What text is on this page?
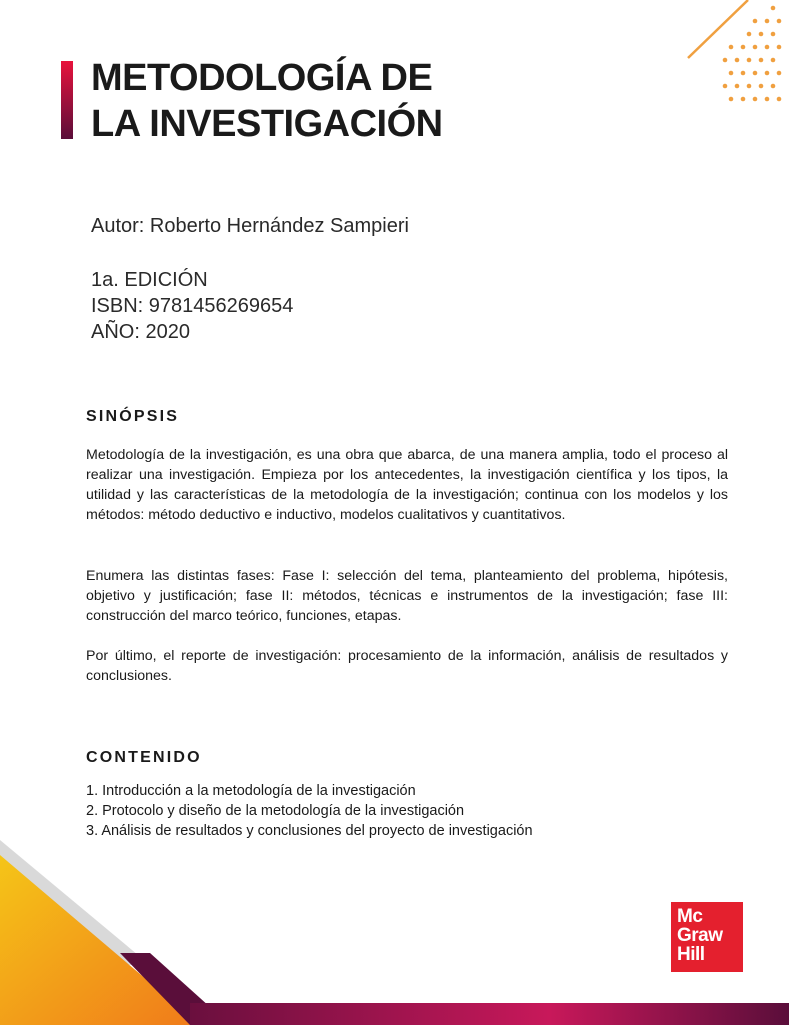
METODOLOGÍA DE
LA INVESTIGACIÓN
Autor: Roberto Hernández Sampieri
1a. EDICIÓN
ISBN: 9781456269654
AÑO: 2020
SINÓPSIS

Metodología de la investigación, es una obra que abarca, de una manera amplia, todo el proceso al realizar una investigación. Empieza por los antecedentes, la investigación científica y los tipos, la utilidad y las características de la metodología de la investigación; continua con los modelos y los métodos: método deductivo e inductivo, modelos cualitativos y cuantitativos.

Enumera las distintas fases: Fase I: selección del tema, planteamiento del problema, hipótesis, objetivo y justificación; fase II: métodos, técnicas e instrumentos de la investigación; fase III: construcción del marco teórico, funciones, etapas.

Por último, el reporte de investigación: procesamiento de la información, análisis de resultados y conclusiones.

CONTENIDO
1. Introducción a la metodología de la investigación
2. Protocolo y diseño de la metodología de la investigación
3. Análisis de resultados y conclusiones del proyecto de investigación
Mc
Graw
Hill
